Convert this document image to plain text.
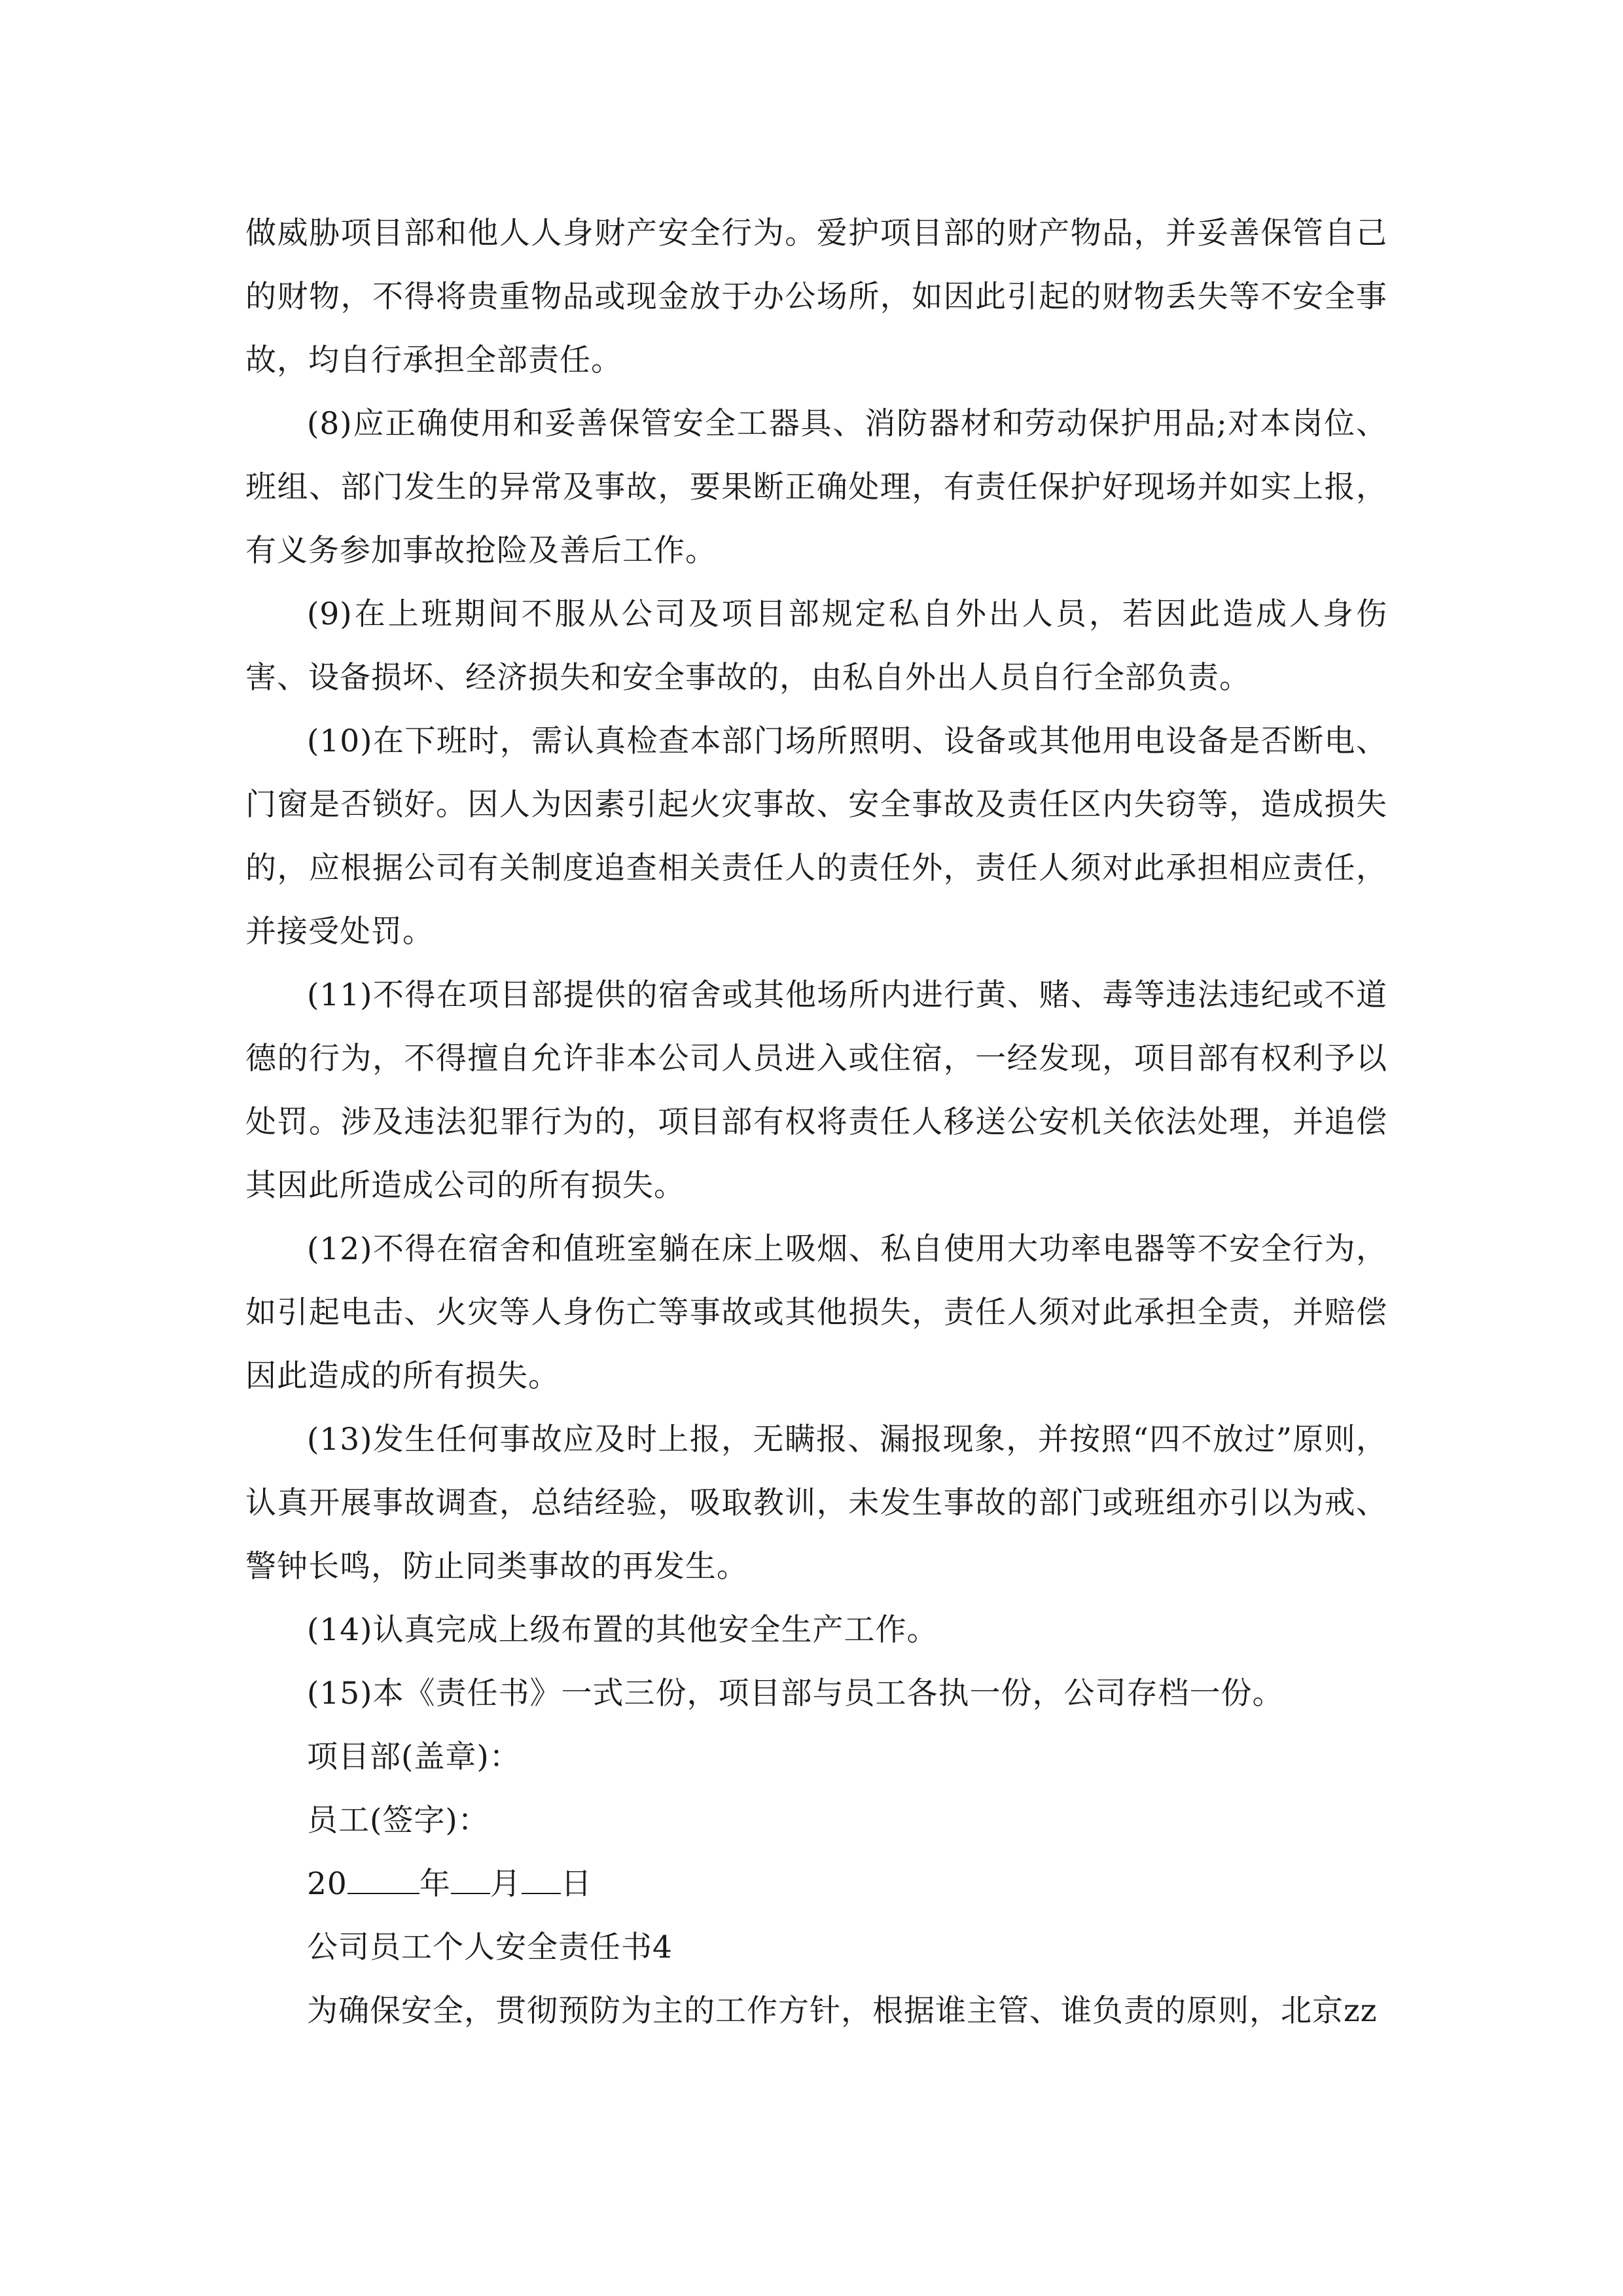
做威胁项目部和他人人身财产安全行为。爱护项目部的财产物品，并妥善保管自己的财物，不得将贵重物品或现金放于办公场所，如因此引起的财物丢失等不安全事故，均自行承担全部责任。

(8)应正确使用和妥善保管安全工器具、消防器材和劳动保护用品;对本岗位、班组、部门发生的异常及事故，要果断正确处理，有责任保护好现场并如实上报，有义务参加事故抢险及善后工作。

(9)在上班期间不服从公司及项目部规定私自外出人员，若因此造成人身伤害、设备损坏、经济损失和安全事故的，由私自外出人员自行全部负责。

(10)在下班时，需认真检查本部门场所照明、设备或其他用电设备是否断电、门窗是否锁好。因人为因素引起火灾事故、安全事故及责任区内失窃等，造成损失的，应根据公司有关制度追查相关责任人的责任外，责任人须对此承担相应责任，并接受处罚。

(11)不得在项目部提供的宿舍或其他场所内进行黄、赌、毒等违法违纪或不道德的行为，不得擅自允许非本公司人员进入或住宿，一经发现，项目部有权利予以处罚。涉及违法犯罪行为的，项目部有权将责任人移送公安机关依法处理，并追偿其因此所造成公司的所有损失。

(12)不得在宿舍和值班室躺在床上吸烟、私自使用大功率电器等不安全行为，如引起电击、火灾等人身伤亡等事故或其他损失，责任人须对此承担全责，并赔偿因此造成的所有损失。

(13)发生任何事故应及时上报，无瞒报、漏报现象，并按照“四不放过”原则，认真开展事故调查，总结经验，吸取教训，未发生事故的部门或班组亦引以为戒、警钟长鸣，防止同类事故的再发生。

(14)认真完成上级布置的其他安全生产工作。

(15)本《责任书》一式三份，项目部与员工各执一份，公司存档一份。

项目部(盖章)：

员工(签字)：

20 年 月 日

公司员工个人安全责任书4

为确保安全，贯彻预防为主的工作方针，根据谁主管、谁负责的原则，北京zz
